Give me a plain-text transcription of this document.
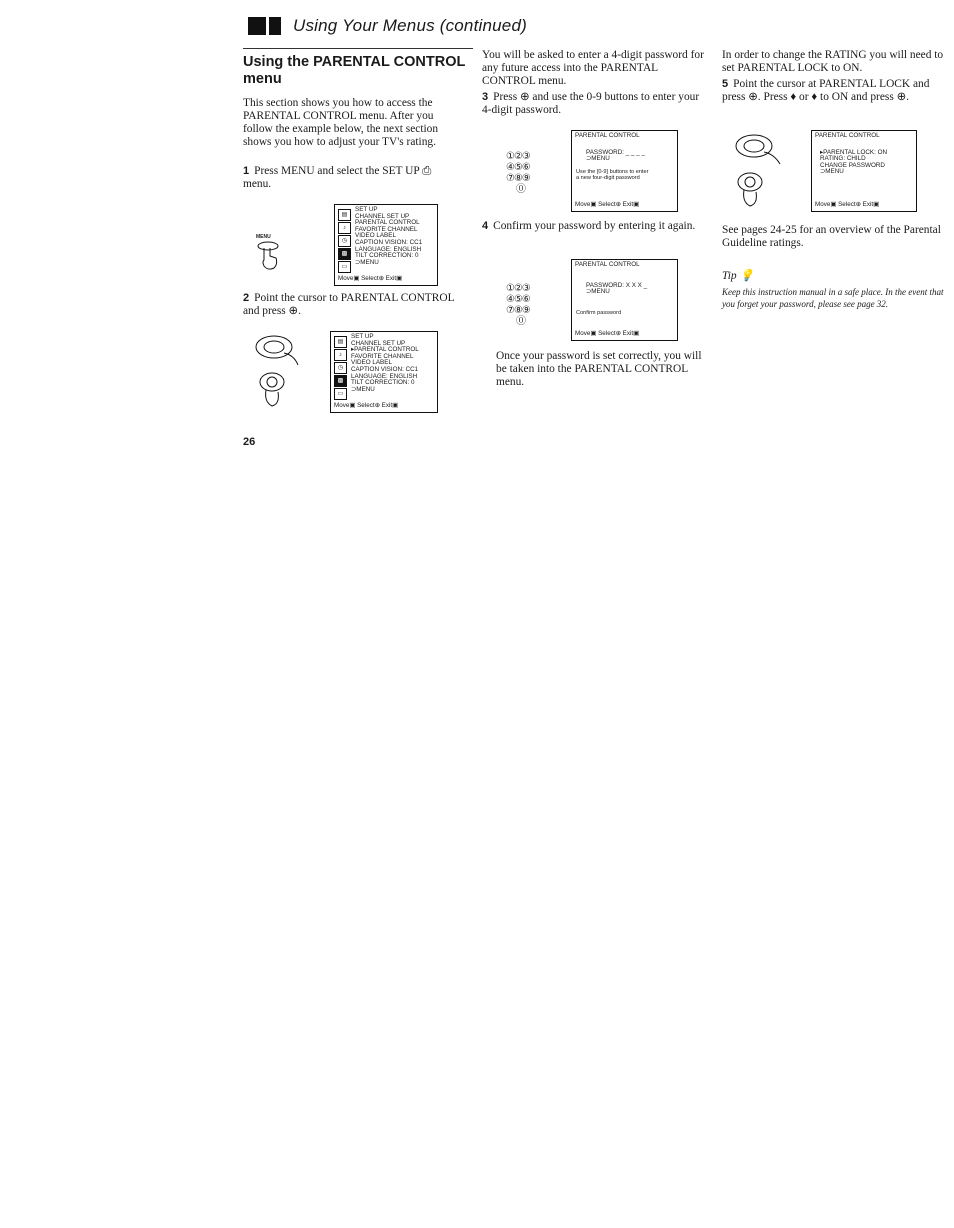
Using Your Menus (continued)
Using the PARENTAL CONTROL menu
This section shows you how to access the PARENTAL CONTROL menu. After you follow the example below, the next section shows you how to adjust your TV's rating.
1 Press MENU and select the SET UP ⎙ menu.
MENU
▤
♪
◷
▩
▭
SET UP
CHANNEL SET UP
PARENTAL CONTROL
FAVORITE CHANNEL
VIDEO LABEL
CAPTION VISION: CC1
LANGUAGE: ENGLISH
TILT CORRECTION: 0
⊃MENU
Move▣ Select⊕ Exit▣
2 Point the cursor to PARENTAL CONTROL and press ⊕.
▤
♪
◷
▩
▭
SET UP
CHANNEL SET UP
▸PARENTAL CONTROL
FAVORITE CHANNEL
VIDEO LABEL
CAPTION VISION: CC1
LANGUAGE: ENGLISH
TILT CORRECTION: 0
⊃MENU
Move▣ Select⊕ Exit▣
26
You will be asked to enter a 4-digit password for any future access into the PARENTAL CONTROL menu.
3 Press ⊕ and use the 0-9 buttons to enter your 4-digit password.
①②③
④⑤⑥
⑦⑧⑨
⓪
PARENTAL CONTROL
PASSWORD: _ _ _ _
⊃MENU
Use the [0-9] buttons to enter a new four-digit password
Move▣ Select⊕ Exit▣
4 Confirm your password by entering it again.
①②③
④⑤⑥
⑦⑧⑨
⓪
PARENTAL CONTROL
PASSWORD: X X X _
⊃MENU
Confirm password
Move▣ Select⊕ Exit▣
Once your password is set correctly, you will be taken into the PARENTAL CONTROL menu.
In order to change the RATING you will need to set PARENTAL LOCK to ON.
5 Point the cursor at PARENTAL LOCK and press ⊕. Press ♦ or ♦ to ON and press ⊕.
PARENTAL CONTROL
▸PARENTAL LOCK: ON
RATING: CHILD
CHANGE PASSWORD
⊃MENU
Move▣ Select⊕ Exit▣
See pages 24-25 for an overview of the Parental Guideline ratings.
Tip 💡
Keep this instruction manual in a safe place. In the event that you forget your password, please see page 32.
